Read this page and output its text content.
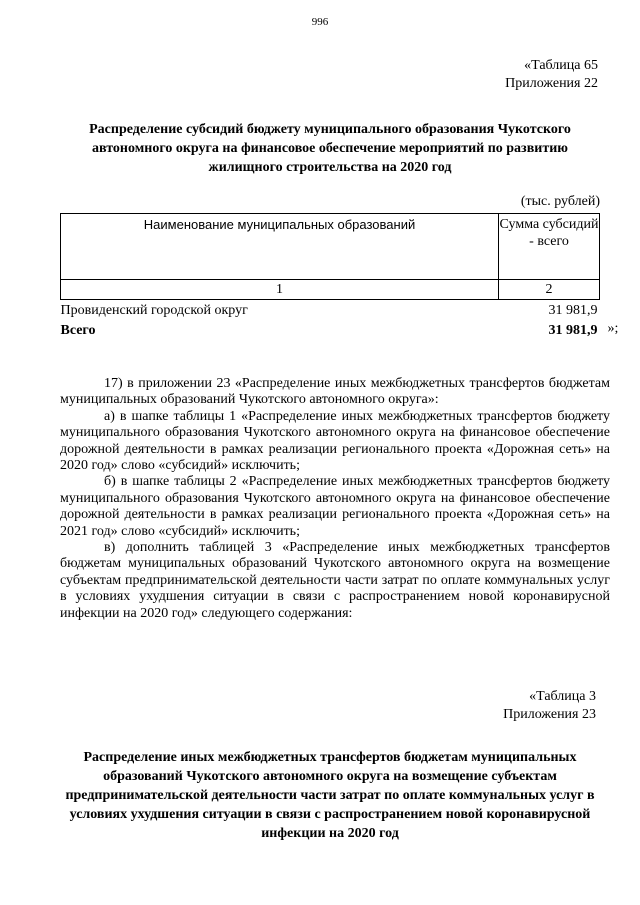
996
«Таблица 65
Приложения 22
Распределение субсидий бюджету муниципального образования Чукотского автономного округа на финансовое обеспечение мероприятий по развитию жилищного строительства на 2020 год
(тыс. рублей)
Наименование муниципальных образований	Сумма субсидий - всего
1	2
Провиденский городской округ	31 981,9
Всего	31 981,9 »;

17) в приложении 23 «Распределение иных межбюджетных трансфертов бюджетам муниципальных образований Чукотского автономного округа»:

а) в шапке таблицы 1 «Распределение иных межбюджетных трансфертов бюджету муниципального образования Чукотского автономного округа на финансовое обеспечение дорожной деятельности в рамках реализации регионального проекта «Дорожная сеть» на 2020 год» слово «субсидий» исключить;

б) в шапке таблицы 2 «Распределение иных межбюджетных трансфертов бюджету муниципального образования Чукотского автономного округа на финансовое обеспечение дорожной деятельности в рамках реализации регионального проекта «Дорожная сеть» на 2021 год» слово «субсидий» исключить;

в) дополнить таблицей 3 «Распределение иных межбюджетных трансфертов бюджетам муниципальных образований Чукотского автономного округа на возмещение субъектам предпринимательской деятельности части затрат по оплате коммунальных услуг в условиях ухудшения ситуации в связи с распространением новой коронавирусной инфекции на 2020 год» следующего содержания:

«Таблица 3
Приложения 23
Распределение иных межбюджетных трансфертов бюджетам муниципальных образований Чукотского автономного округа на возмещение субъектам предпринимательской деятельности части затрат по оплате коммунальных услуг в условиях ухудшения ситуации в связи с распространением новой коронавирусной инфекции на 2020 год
